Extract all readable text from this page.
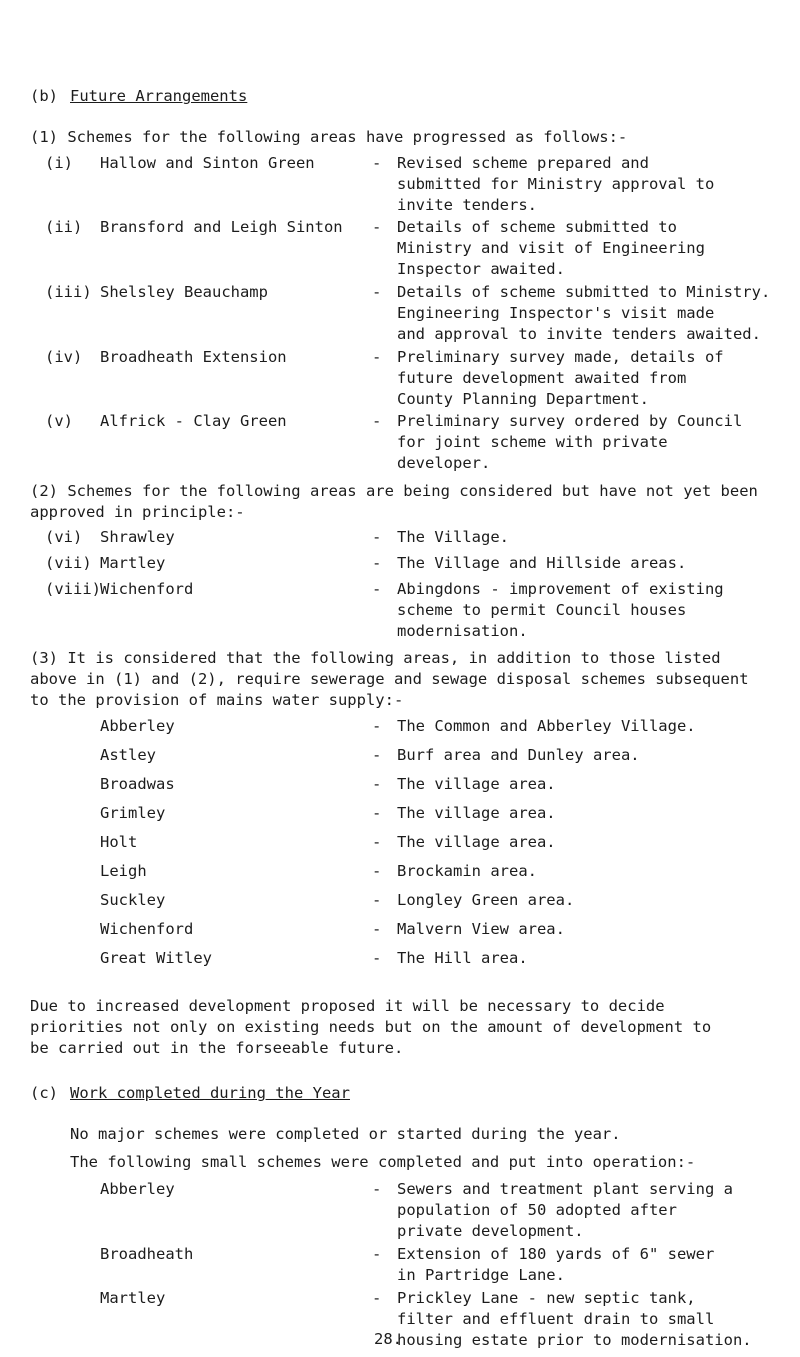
(b) Future Arrangements
(1) Schemes for the following areas have progressed as follows:-
(i) Hallow and Sinton Green	- Revised scheme prepared and
submitted for Ministry approval to
invite tenders.
(ii) Bransford and Leigh Sinton - Details of scheme submitted to
Ministry and visit of Engineering
Inspector awaited.
(iii) Shelsley Beauchamp	- Details of scheme submitted to Ministry.
Engineering Inspector's visit made
and approval to invite tenders awaited.
(iv) Broadheath Extension	- Preliminary survey made, details of
future development awaited from
County Planning Department.
(v) Alfrick - Clay Green	- Preliminary survey ordered by Council
for joint scheme with private
developer.
(2) Schemes for the following areas are being considered but have not yet been
approved in principle:-
(vi) Shrawley	- The Village.
(vii) Martley	- The Village and Hillside areas.
(viii) Wichenford	- Abingdons - improvement of existing
scheme to permit Council houses
modernisation.
(3) It is considered that the following areas, in addition to those listed
above in (1) and (2), require sewerage and sewage disposal schemes subsequent
to the provision of mains water supply:-
Abberley	- The Common and Abberley Village.
Astley	- Burf area and Dunley area.
Broadwas	- The village area.
Grimley	- The village area.
Holt	- The village area.
Leigh	- Brockamin area.
Suckley	- Longley Green area.
Wichenford	- Malvern View area.
Great Witley	- The Hill area.
Due to increased development proposed it will be necessary to decide
priorities not only on existing needs but on the amount of development to
be carried out in the forseeable future.
(c) Work completed during the Year
No major schemes were completed or started during the year.
The following small schemes were completed and put into operation:-
Abberley	- Sewers and treatment plant serving a
population of 50 adopted after
private development.
Broadheath	- Extension of 180 yards of 6" sewer
in Partridge Lane.
Martley	- Prickley Lane - new septic tank,
filter and effluent drain to small
housing estate prior to modernisation.
28.
